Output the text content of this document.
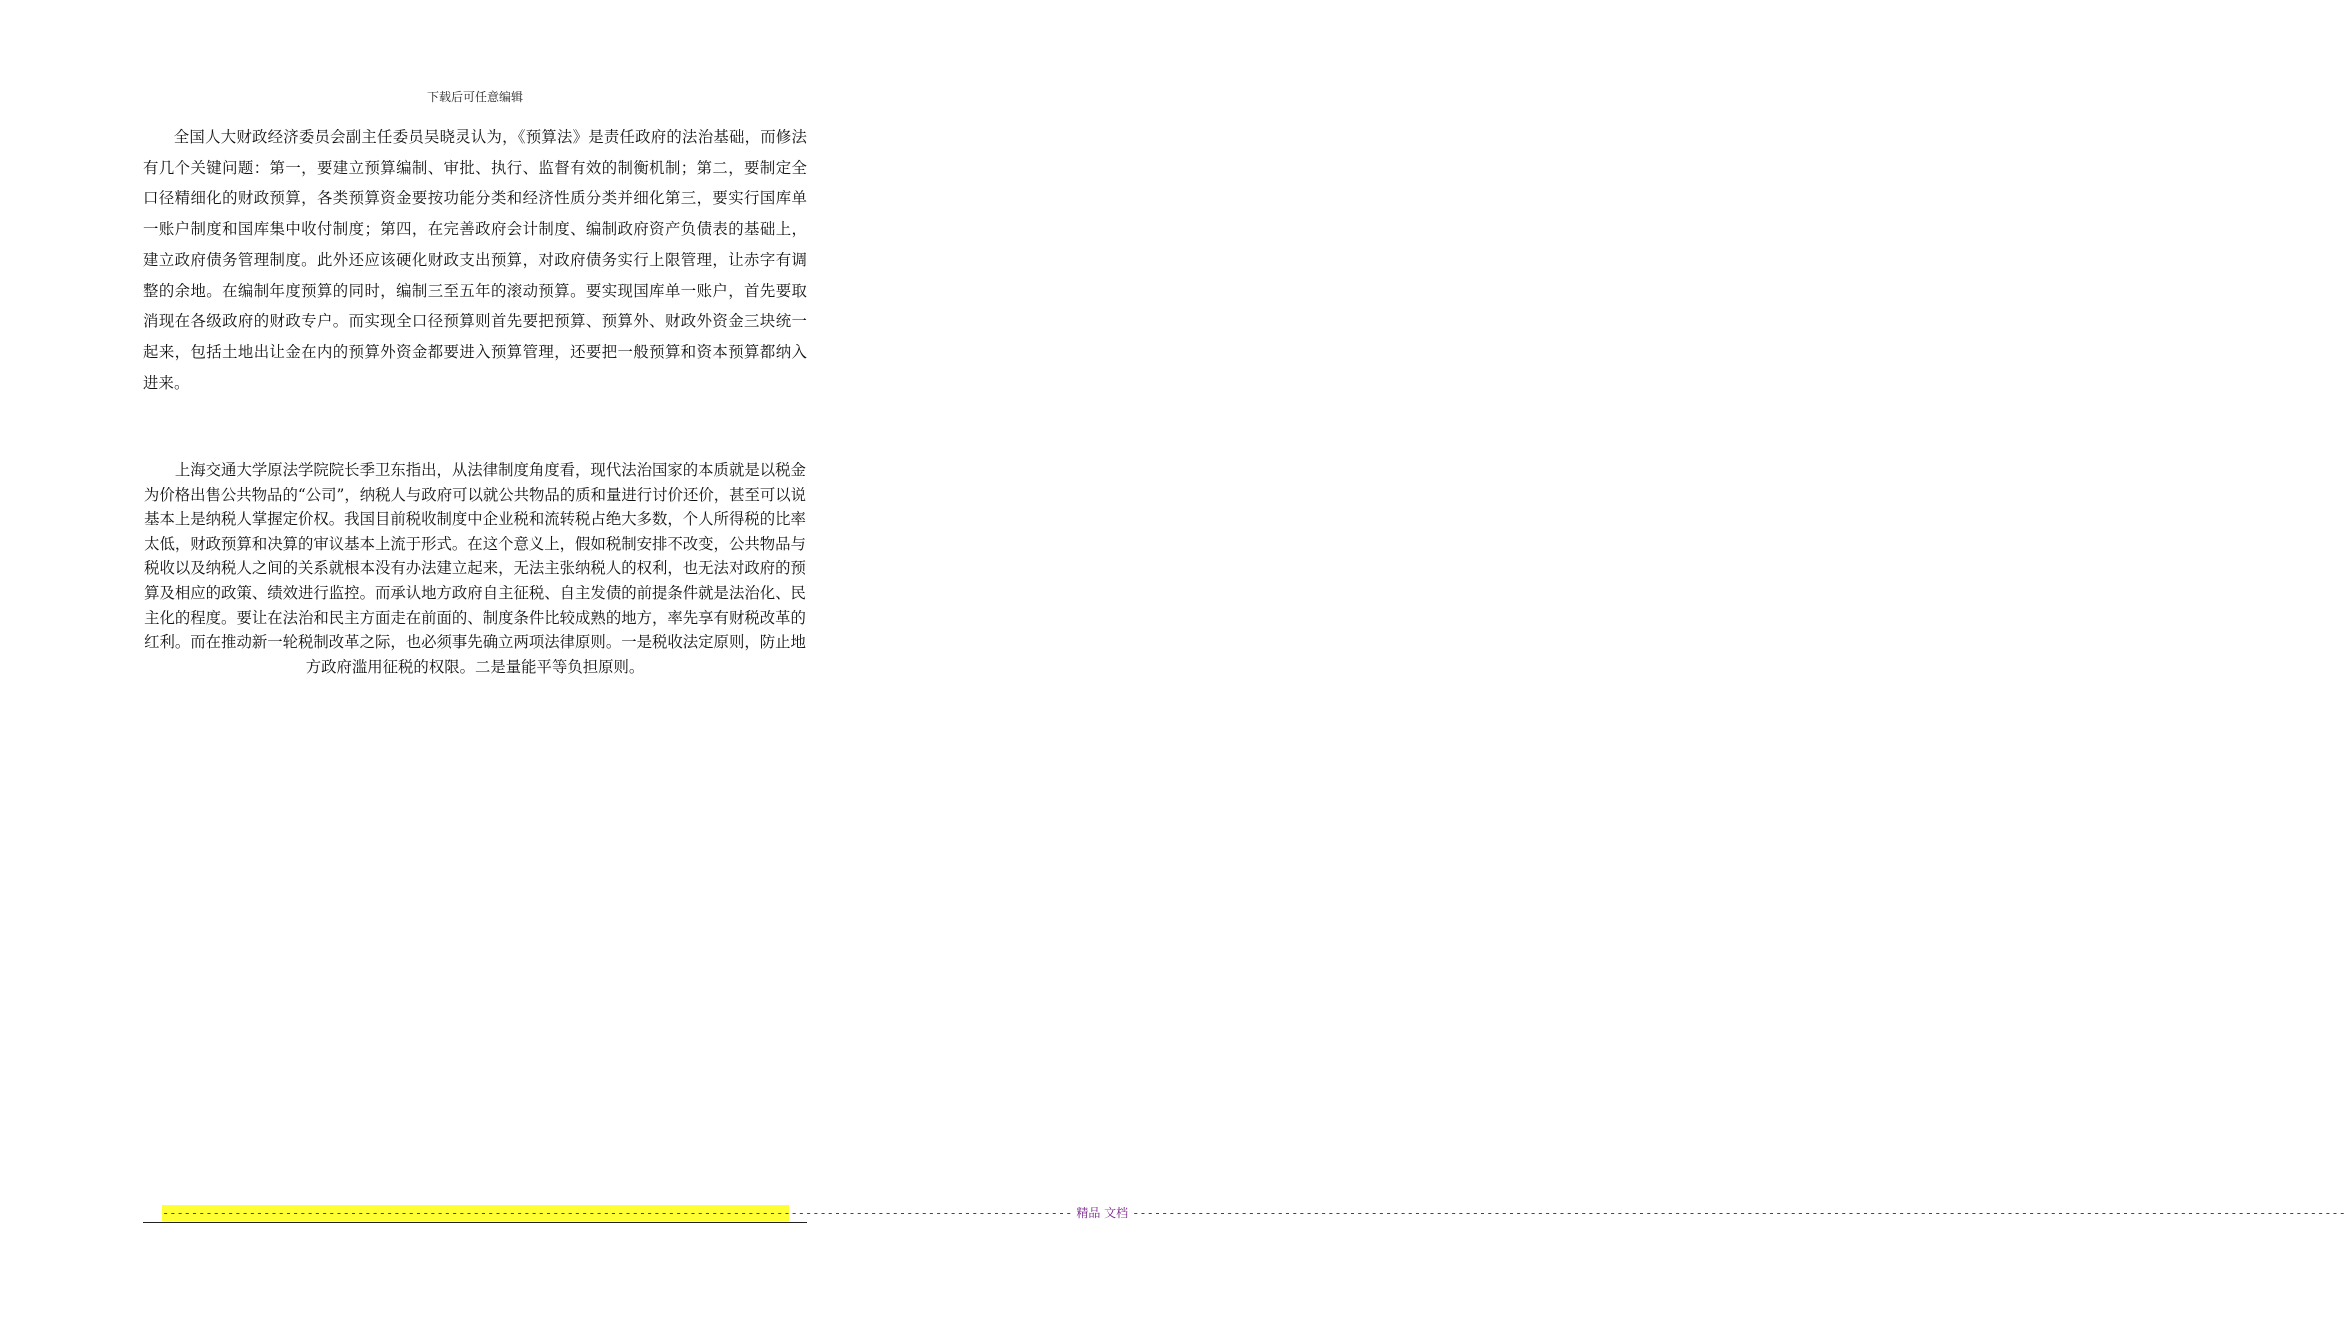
下载后可任意编辑

全国人大财政经济委员会副主任委员吴晓灵认为，《预算法》是责任政府的法治基础，而修法有几个关键问题：第一，要建立预算编制、审批、执行、监督有效的制衡机制；第二，要制定全口径精细化的财政预算，各类预算资金要按功能分类和经济性质分类并细化第三，要实行国库单一账户制度和国库集中收付制度；第四，在完善政府会计制度、编制政府资产负债表的基础上，建立政府债务管理制度。此外还应该硬化财政支出预算，对政府债务实行上限管理，让赤字有调整的余地。在编制年度预算的同时，编制三至五年的滚动预算。要实现国库单一账户，首先要取消现在各级政府的财政专户。而实现全口径预算则首先要把预算、预算外、财政外资金三块统一起来，包括土地出让金在内的预算外资金都要进入预算管理，还要把一般预算和资本预算都纳入进来。

上海交通大学原法学院院长季卫东指出，从法律制度角度看，现代法治国家的本质就是以税金为价格出售公共物品的“公司”，纳税人与政府可以就公共物品的质和量进行讨价还价，甚至可以说基本上是纳税人掌握定价权。我国目前税收制度中企业税和流转税占绝大多数，个人所得税的比率太低，财政预算和决算的审议基本上流于形式。在这个意义上，假如税制安排不改变，公共物品与税收以及纳税人之间的关系就根本没有办法建立起来，无法主张纳税人的权利，也无法对政府的预算及相应的政策、绩效进行监控。而承认地方政府自主征税、自主发债的前提条件就是法治化、民主化的程度。要让在法治和民主方面走在前面的、制度条件比较成熟的地方，率先享有财税改革的红利。而在推动新一轮税制改革之际，也必须事先确立两项法律原则。一是税收法定原则，防止地方政府滥用征税的权限。二是量能平等负担原则。

------------------------------------------------------------------------------------------------------------------------------ 精品 文档 ------------------------------------------------------------------------------------------------------------------------------------------------------------------------
